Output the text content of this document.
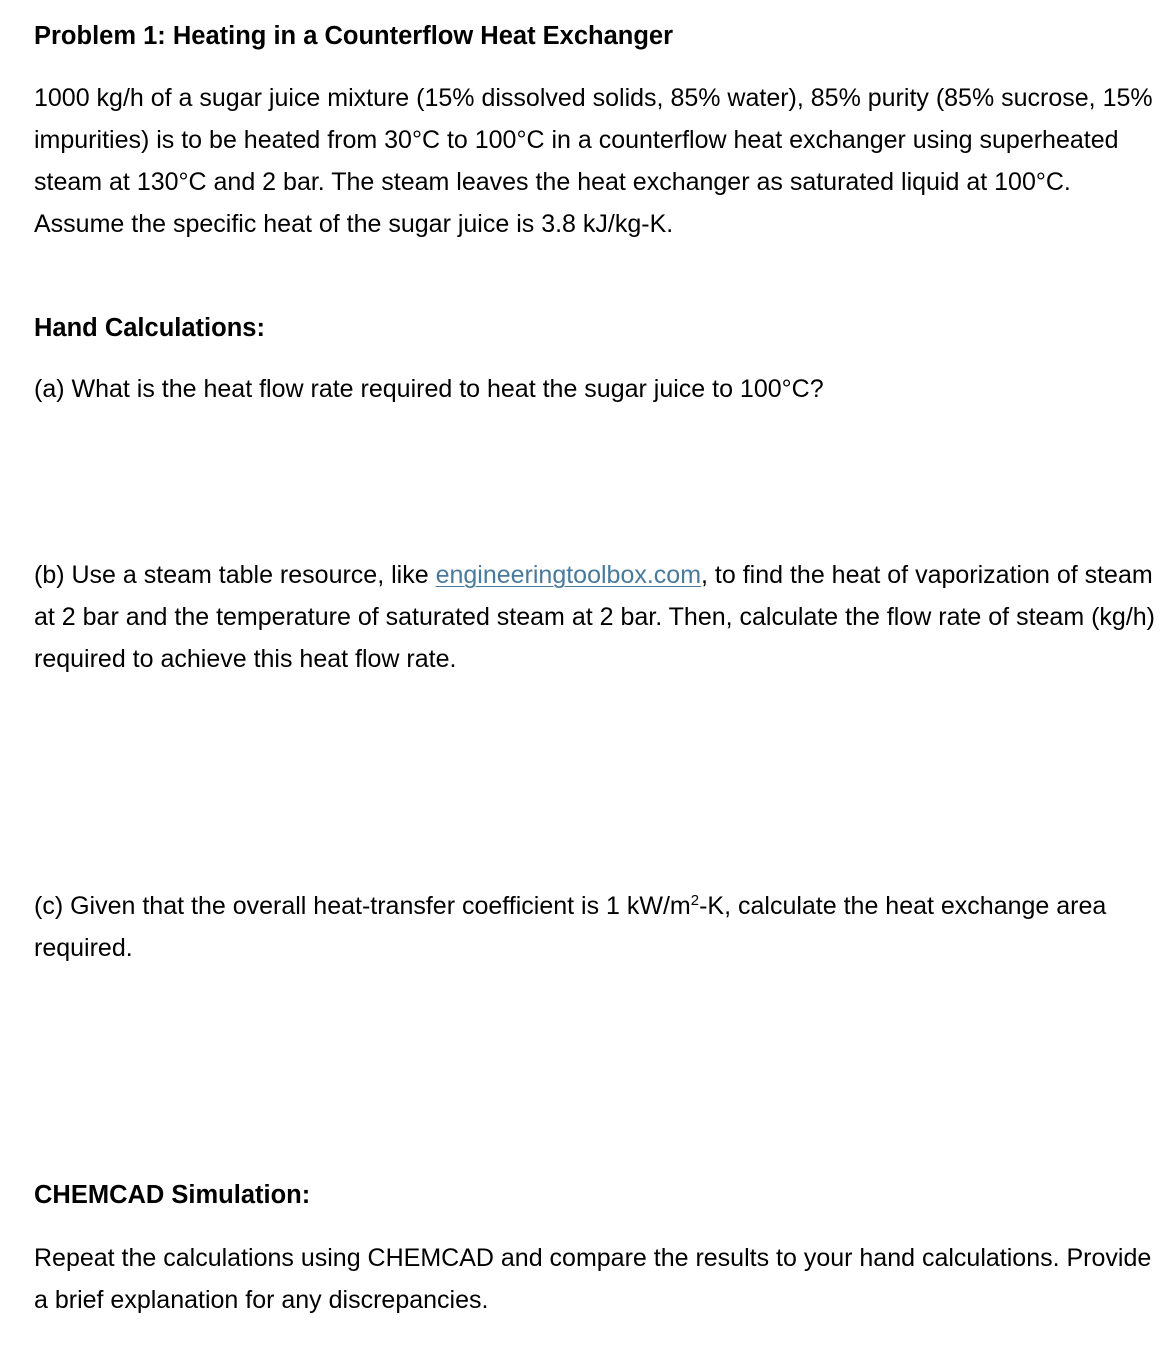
Problem 1: Heating in a Counterflow Heat Exchanger

1000 kg/h of a sugar juice mixture (15% dissolved solids, 85% water), 85% purity (85% sucrose, 15% impurities) is to be heated from 30°C to 100°C in a counterflow heat exchanger using superheated steam at 130°C and 2 bar. The steam leaves the heat exchanger as saturated liquid at 100°C. Assume the specific heat of the sugar juice is 3.8 kJ/kg-K.

Hand Calculations:

(a) What is the heat flow rate required to heat the sugar juice to 100°C?

(b) Use a steam table resource, like engineeringtoolbox.com, to find the heat of vaporization of steam at 2 bar and the temperature of saturated steam at 2 bar. Then, calculate the flow rate of steam (kg/h) required to achieve this heat flow rate.

(c) Given that the overall heat-transfer coefficient is 1 $kW/m^2-K$, calculate the heat exchange area required.

CHEMCAD Simulation:

Repeat the calculations using CHEMCAD and compare the results to your hand calculations. Provide a brief explanation for any discrepancies.
